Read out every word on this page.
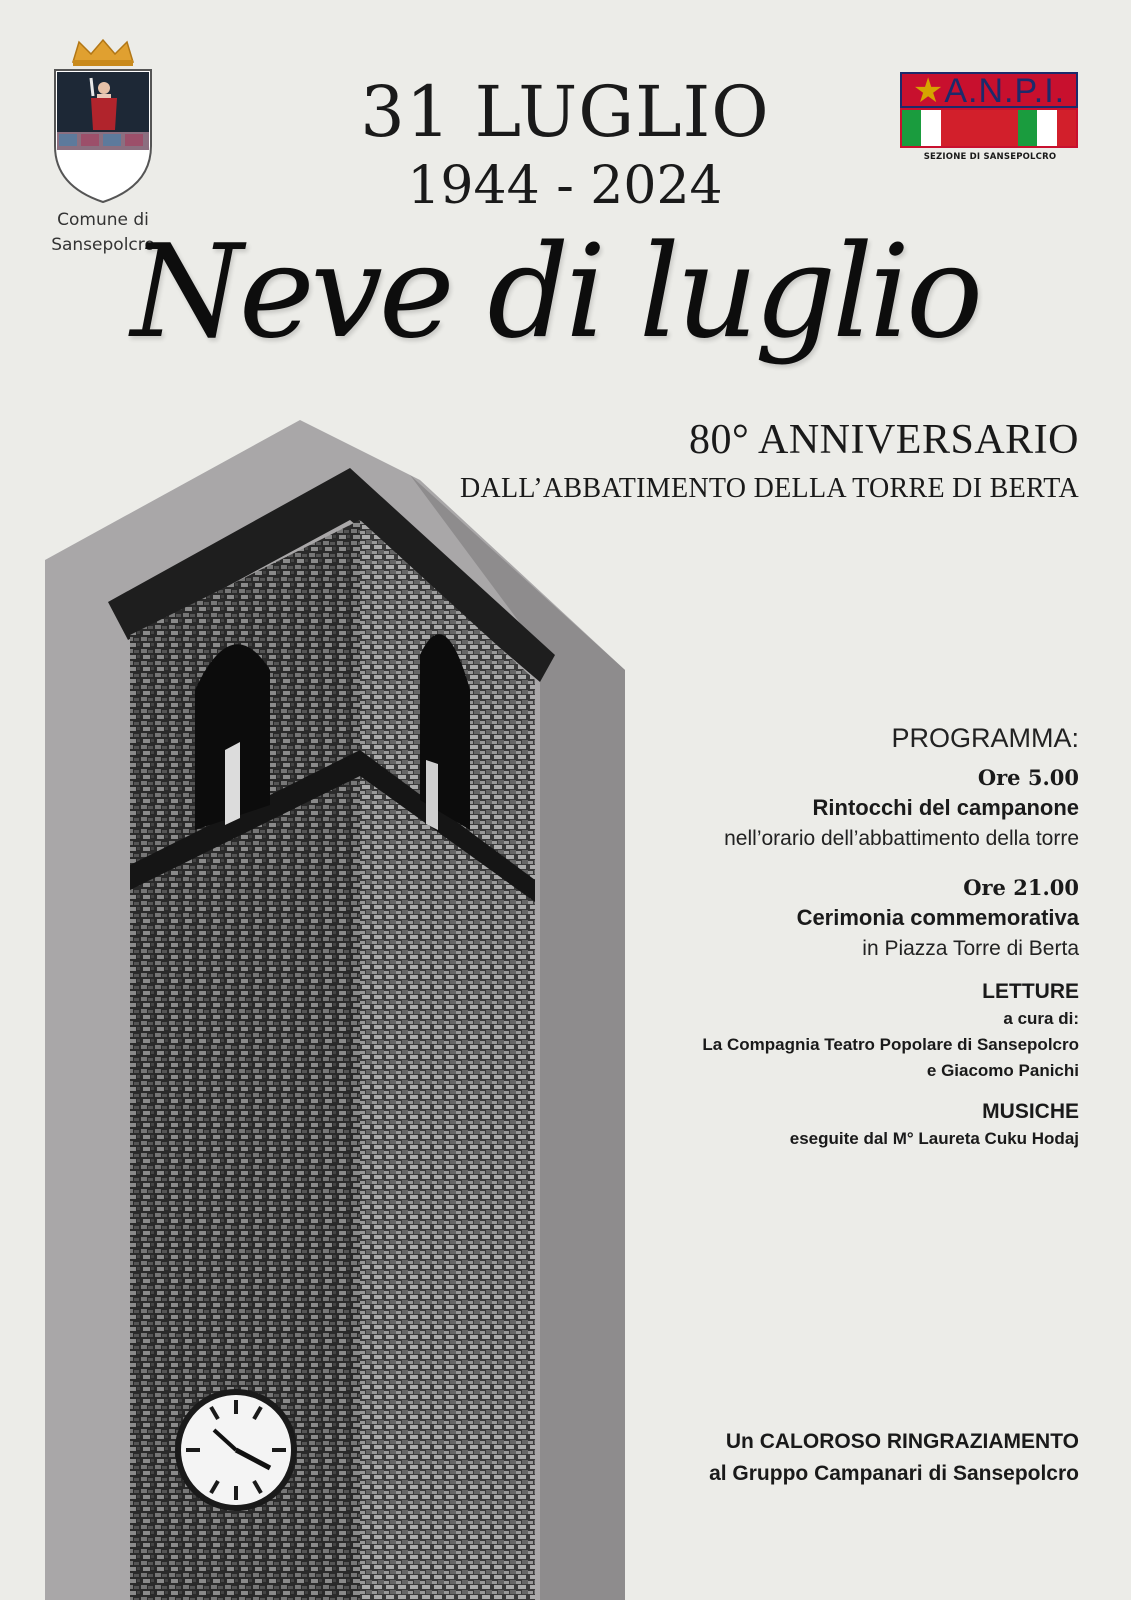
Comune di
Sansepolcro
★A.N.P.I.
SEZIONE DI SANSEPOLCRO
31 LUGLIO
1944 - 2024
Neve di luglio
80° ANNIVERSARIO
DALL’ABBATIMENTO DELLA TORRE DI BERTA
PROGRAMMA:
Ore 5.00
Rintocchi del campanone
nell’orario dell’abbattimento della torre
Ore 21.00
Cerimonia commemorativa
in Piazza Torre di Berta
LETTURE
a cura di:
La Compagnia Teatro Popolare di Sansepolcro
e Giacomo Panichi
MUSICHE
eseguite dal M° Laureta Cuku Hodaj
Un CALOROSO RINGRAZIAMENTO
al Gruppo Campanari di Sansepolcro
